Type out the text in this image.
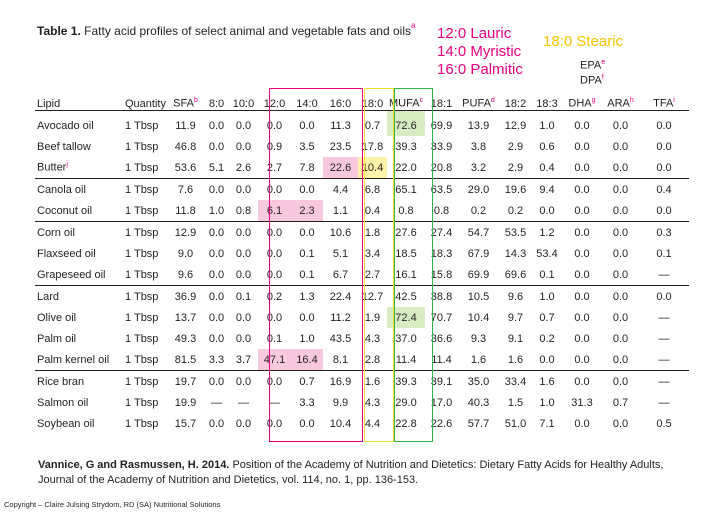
Table 1. Fatty acid profiles of select animal and vegetable fats and oils$^a$ 12:0 Lauric
14:0 Myristic
16:0 Palmitic
18:0 Stearic
EPA$^e$
DPA$^f$
Lipid	Quantity	SFA$^b$	8:0	10:0	12:0	14:0	16:0	18:0	MUFA$^c$	18:1	PUFA$^d$	18:2	18:3	DHA$^g$	ARA$^h$	TFA$^i$
Avocado oil	1 Tbsp	11.9	0.0	0.0	0.0	0.0	11.3	0.7	72.6	69.9	13.9	12.9	1.0	0.0	0.0	0.0
Beef tallow	1 Tbsp	46.8	0.0	0.0	0.9	3.5	23.5	17.8	39.3	33.9	3.8	2.9	0.6	0.0	0.0	0.0
Butter$^j$	1 Tbsp	53.6	5.1	2.6	2.7	7.8	22.6	10.4	22.0	20.8	3.2	2.9	0.4	0.0	0.0	0.0
Canola oil	1 Tbsp	7.6	0.0	0.0	0.0	0.0	4.4	6.8	65.1	63.5	29.0	19.6	9.4	0.0	0.0	0.4
Coconut oil	1 Tbsp	11.8	1.0	0.8	6.1	2.3	1.1	0.4	0.8	0.8	0.2	0.2	0.0	0.0	0.0	0.0
Corn oil	1 Tbsp	12.9	0.0	0.0	0.0	0.0	10.6	1.8	27.6	27.4	54.7	53.5	1.2	0.0	0.0	0.3
Flaxseed oil	1 Tbsp	9.0	0.0	0.0	0.0	0.1	5.1	3.4	18.5	18.3	67.9	14.3	53.4	0.0	0.0	0.1
Grapeseed oil	1 Tbsp	9.6	0.0	0.0	0.0	0.1	6.7	2.7	16.1	15.8	69.9	69.6	0.1	0.0	0.0	—
Lard	1 Tbsp	36.9	0.0	0.1	0.2	1.3	22.4	12.7	42.5	38.8	10.5	9.6	1.0	0.0	0.0	0.0
Olive oil	1 Tbsp	13.7	0.0	0.0	0.0	0.0	11.2	1.9	72.4	70.7	10.4	9.7	0.7	0.0	0.0	—
Palm oil	1 Tbsp	49.3	0.0	0.0	0.1	1.0	43.5	4.3	37.0	36.6	9.3	9.1	0.2	0.0	0.0	—
Palm kernel oil	1 Tbsp	81.5	3.3	3.7	47.1	16.4	8.1	2.8	11.4	11.4	1.6	1.6	0.0	0.0	0.0	—
Rice bran	1 Tbsp	19.7	0.0	0.0	0.0	0.7	16.9	1.6	39.3	39.1	35.0	33.4	1.6	0.0	0.0	—
Salmon oil	1 Tbsp	19.9	—	—	—	3.3	9.9	4.3	29.0	17.0	40.3	1.5	1.0	31.3	0.7	—
Soybean oil	1 Tbsp	15.7	0.0	0.0	0.0	0.0	10.4	4.4	22.8	22.6	57.7	51.0	7.1	0.0	0.0	0.5
Vannice, G and Rasmussen, H. 2014. Position of the Academy of Nutrition and Dietetics: Dietary Fatty Acids for Healthy Adults, Journal of the Academy of Nutrition and Dietetics, vol. 114, no. 1, pp. 136-153.
Copyright – Claire Julsing Strydom, RD (SA) Nutritional Solutions
